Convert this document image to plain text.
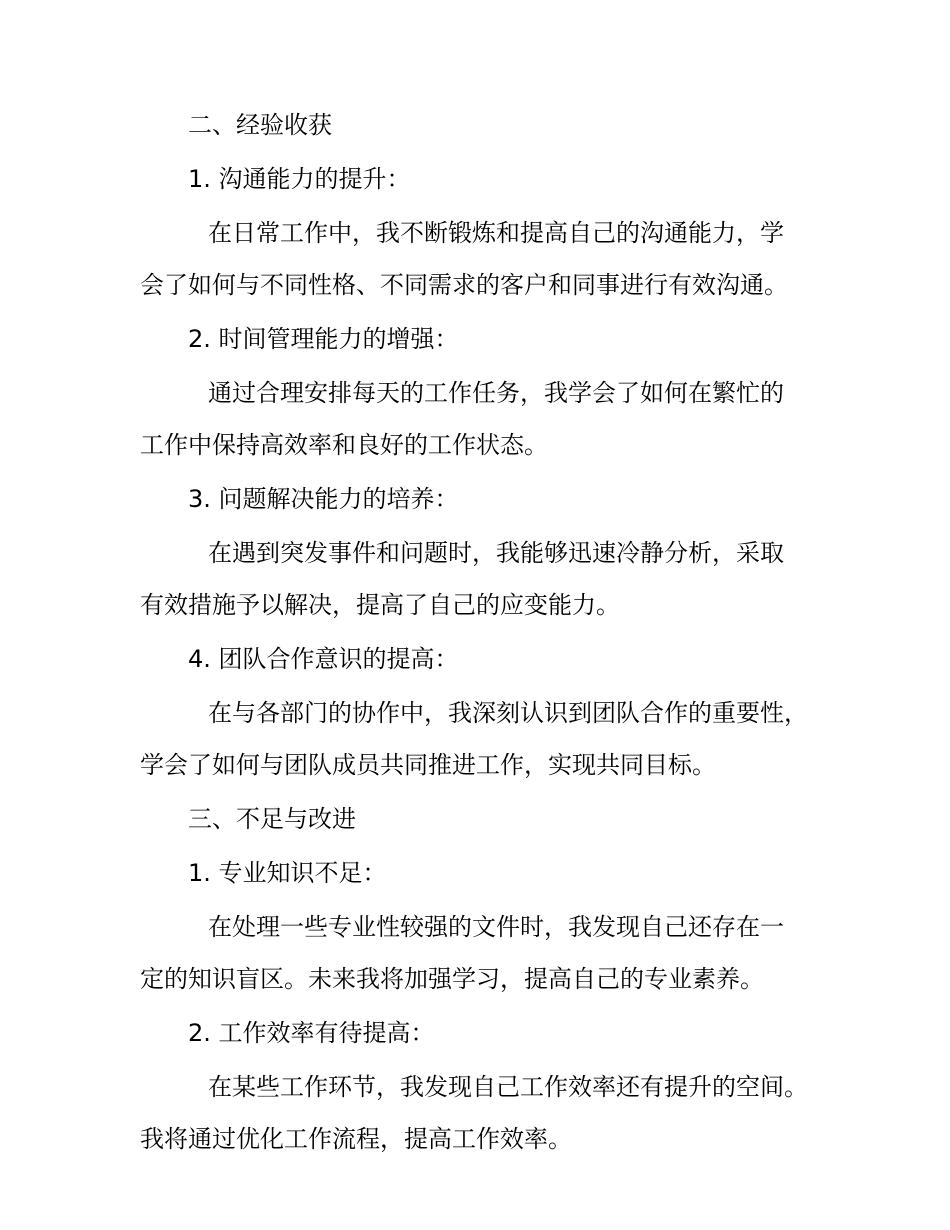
二、经验收获

1. 沟通能力的提升：

在日常工作中，我不断锻炼和提高自己的沟通能力，学

会了如何与不同性格、不同需求的客户和同事进行有效沟通。

2. 时间管理能力的增强：

通过合理安排每天的工作任务，我学会了如何在繁忙的

工作中保持高效率和良好的工作状态。

3. 问题解决能力的培养：

在遇到突发事件和问题时，我能够迅速冷静分析，采取

有效措施予以解决，提高了自己的应变能力。

4. 团队合作意识的提高：

在与各部门的协作中，我深刻认识到团队合作的重要性，

学会了如何与团队成员共同推进工作，实现共同目标。

三、不足与改进

1. 专业知识不足：

在处理一些专业性较强的文件时，我发现自己还存在一

定的知识盲区。未来我将加强学习，提高自己的专业素养。

2. 工作效率有待提高：

在某些工作环节，我发现自己工作效率还有提升的空间。

我将通过优化工作流程，提高工作效率。
